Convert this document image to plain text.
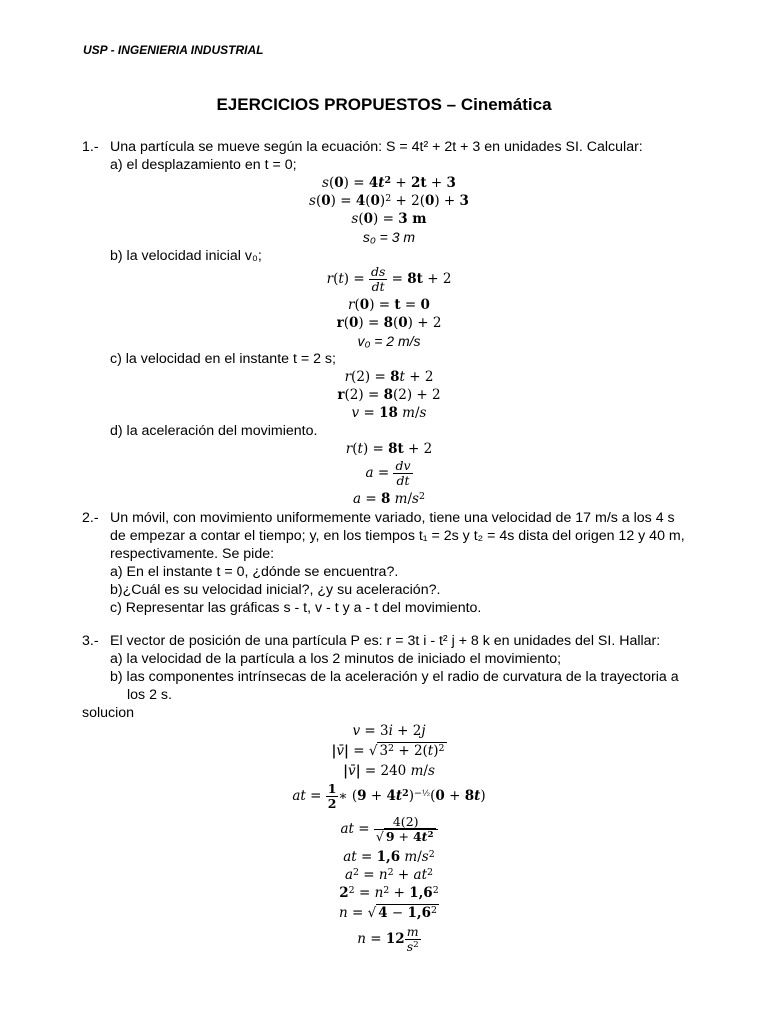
USP - INGENIERIA INDUSTRIAL
EJERCICIOS PROPUESTOS – Cinemática
1.- Una partícula se mueve según la ecuación: S = 4t² + 2t + 3 en unidades SI. Calcular:
a) el desplazamiento en t = 0;
$s(0) = 4t^2 + 2t + 3$
$s(0) = 4(0)^2 + 2(0) + 3$
s(0) = 3 m
s₀ = 3 m
b) la velocidad inicial v₀;
$r(t) = \frac{ds}{dt} = 8t + 2$
r(0) = t = 0
r(0) = 8(0) + 2
v₀ = 2 m/s
c) la velocidad en el instante t = 2 s;
r(2) = 8t + 2
r(2) = 8(2) + 2
v = 18 m/s
d) la aceleración del movimiento.
r(t) = 8t + 2
$a = \frac{dv}{dt}$
a = 8 $m/s^2$
2.- Un móvil, con movimiento uniformemente variado, tiene una velocidad de 17 m/s a los 4 s
de empezar a contar el tiempo; y, en los tiempos t₁ = 2s y t₂ = 4s dista del origen 12 y 40 m,
respectivamente. Se pide:
a) En el instante t = 0, ¿dónde se encuentra?.
b)¿Cuál es su velocidad inicial?, ¿y su aceleración?.
c) Representar las gráficas s - t, v - t y a - t del movimiento.
3.- El vector de posición de una partícula P es: r = 3t i - t² j + 8 k en unidades del SI. Hallar:
a) la velocidad de la partícula a los 2 minutos de iniciado el movimiento;
b) las componentes intrínsecas de la aceleración y el radio de curvatura de la trayectoria a
los 2 s.
solucion
v = 3i + 2j
|v̄| = √ $3^2 + 2(t)^2$
|v̄| = 240 m/s
at = $\frac{1}{2}$ ∗ $(9 + 4t^2)^{-\frac{1}{2}}(0 + 8t)$
at = $\frac{4(2)}{√ 9 + 4t^2}$
at = 1,6 $m/s^2$
$a^2 = n^2 + at^2$
$2^2 = n^2 + 1,6^2$
n = √ $4 - 1,6^2$
$n = 12 \frac{m}{s^2}$
